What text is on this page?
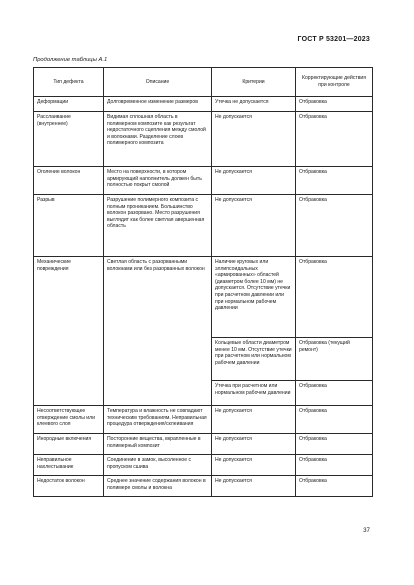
ГОСТ Р 53201—2023
Продолжение таблицы А.1
Тип дефекта	Описание	Критерии	Корректирующие действия при контроле
Деформации	Долговременное изменение размеров	Утечка не допускается	Отбраковка
Расслаивание (внутреннее)	Видимая сплошная область в полимерном композите как результат недостаточного сцепления между смолой и волокнами. Разделение слоев полимерного композита	Не допускается	Отбраковка
Оголение волокон	Место на поверхности, в котором армирующий наполнитель должен быть полностью покрыт смолой	Не допускается	Отбраковка
Разрыв	Разрушение полимерного композита с полным прониканием. Большинство волокон разорвано. Место разрушения выглядит как более светлая авершенная область	Не допускается	Отбраковка
Механические повреждения	Светлая область с разорванными волокнами или без разорванных волокон	Наличие круговых или эллипсоидальных «армированных» областей (диаметром более 10 мм) не допускается. Отсутствие утечки при расчетном давлении или при нормальном рабочем давлении	Отбраковка
		Кольцевые области диаметром менее 10 мм. Отсутствие утечки при расчетном или нормальном рабочем давлении	Отбраковка (текущий ремонт)
		Утечка при расчетном или нормальном рабочем давлении	Отбраковка
Несоответствующее отверждение смолы или клеевого слоя	Температура и влажность не совпадают техническим требованиям. Неправильная процедура отверждения/склеивания	Не допускается	Отбраковка
Инородные включения	Посторонние вещества, вкрапленные в полимерный композит	Не допускается	Отбраковка
Неправильное нахлестывание	Соединение в замок, высоленное с пропуском сшива	Не допускается	Отбраковка
Недостаток волокон	Среднее значение содержания волокон в полимере смолы и волокна	Не допускается	Отбраковка
37
